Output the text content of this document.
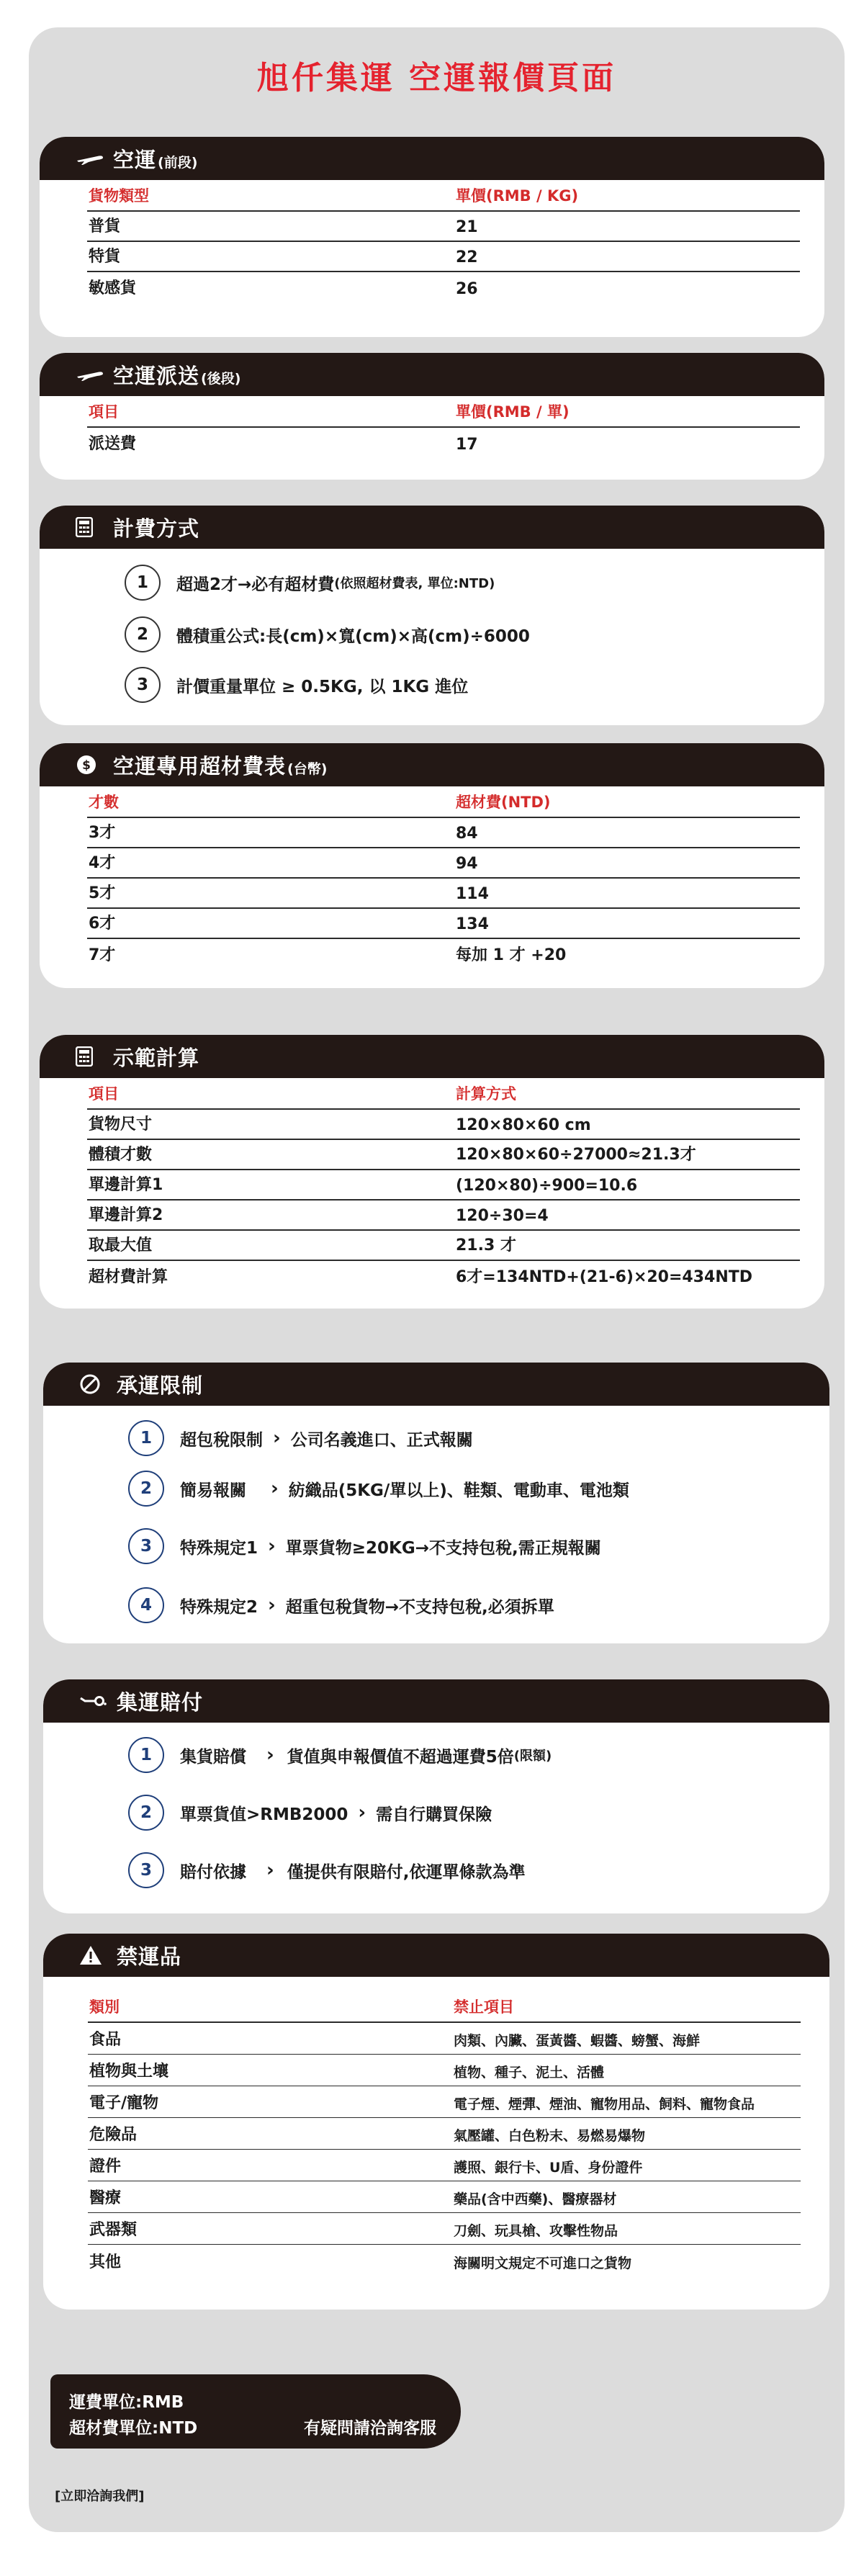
旭仟集運 空運報價頁面
空運 (前段)
貨物類型	單價(RMB / KG)
普貨	21
特貨	22
敏感貨	26
空運派送 (後段)
項目	單價(RMB / 單)
派送費	17
計費方式
1	超過2才→必有超材費 (依照超材費表, 單位:NTD)
2	體積重公式:長(cm)×寬(cm)×高(cm)÷6000
3	計價重量單位 ≥ 0.5KG, 以 1KG 進位
$ 空運專用超材費表 (台幣)
才數	超材費(NTD)
3才	84
4才	94
5才	114
6才	134
7才	每加 1 才 +20
示範計算
項目	計算方式
貨物尺寸	120×80×60 cm
體積才數	120×80×60÷27000≈21.3才
單邊計算1	(120×80)÷900=10.6
單邊計算2	120÷30=4
取最大值	21.3 才
超材費計算	6才=134NTD+(21-6)×20=434NTD
承運限制
1	超包稅限制 › 公司名義進口、正式報關
2	簡易報關 › 紡織品(5KG/單以上)、鞋類、電動車、電池類
3	特殊規定1 › 單票貨物≥20KG→不支持包稅,需正規報關
4	特殊規定2 › 超重包稅貨物→不支持包稅,必須拆單
集運賠付
1	集貨賠償 › 貨值與申報價值不超過運費5倍 (限額)
2	單票貨值>RMB2000 › 需自行購買保險
3	賠付依據 › 僅提供有限賠付,依運單條款為準
禁運品
類別	禁止項目
食品	肉類、內臟、蛋黃醬、蝦醬、螃蟹、海鮮
植物與土壤	植物、種子、泥土、活體
電子/寵物	電子煙、煙彈、煙油、寵物用品、飼料、寵物食品
危險品	氣壓罐、白色粉末、易燃易爆物
證件	護照、銀行卡、U盾、身份證件
醫療	藥品(含中西藥)、醫療器材
武器類	刀劍、玩具槍、攻擊性物品
其他	海關明文規定不可進口之貨物
運費單位:RMB
超材費單位:NTD	有疑問請洽詢客服
[立即洽詢我們]
